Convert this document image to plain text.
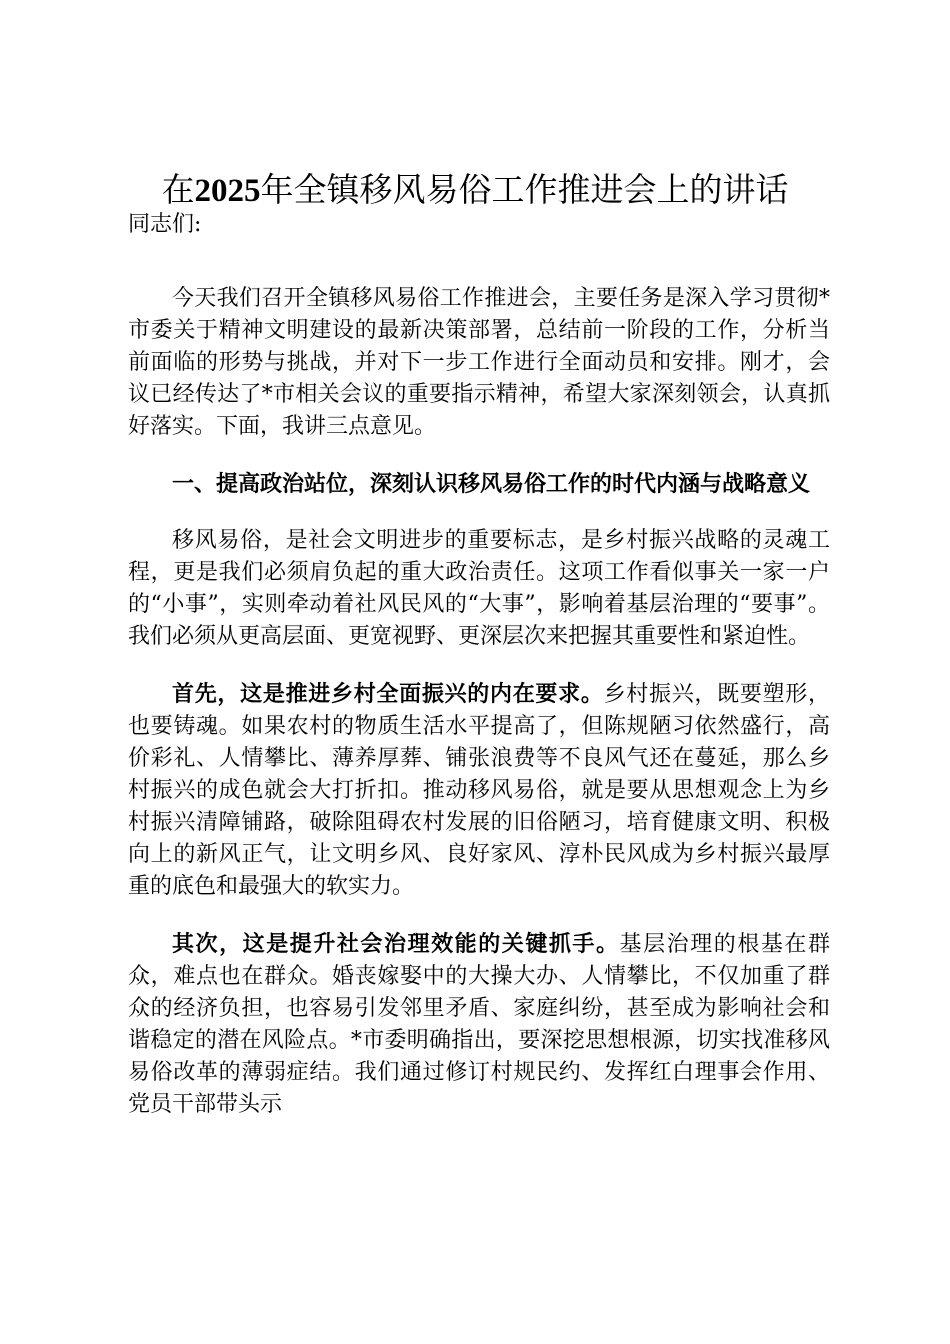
在2025年全镇移风易俗工作推进会上的讲话
同志们:

今天我们召开全镇移风易俗工作推进会，主要任务是深入学习贯彻*市委关于精神文明建设的最新决策部署，总结前一阶段的工作，分析当前面临的形势与挑战，并对下一步工作进行全面动员和安排。刚才，会议已经传达了*市相关会议的重要指示精神，希望大家深刻领会，认真抓好落实。下面，我讲三点意见。

一、提高政治站位，深刻认识移风易俗工作的时代内涵与战略意义

移风易俗，是社会文明进步的重要标志，是乡村振兴战略的灵魂工程，更是我们必须肩负起的重大政治责任。这项工作看似事关一家一户的“小事”，实则牵动着社风民风的“大事”，影响着基层治理的“要事”。我们必须从更高层面、更宽视野、更深层次来把握其重要性和紧迫性。

首先，这是推进乡村全面振兴的内在要求。乡村振兴，既要塑形，也要铸魂。如果农村的物质生活水平提高了，但陈规陋习依然盛行，高价彩礼、人情攀比、薄养厚葬、铺张浪费等不良风气还在蔓延，那么乡村振兴的成色就会大打折扣。推动移风易俗，就是要从思想观念上为乡村振兴清障铺路，破除阻碍农村发展的旧俗陋习，培育健康文明、积极向上的新风正气，让文明乡风、良好家风、淳朴民风成为乡村振兴最厚重的底色和最强大的软实力。

其次，这是提升社会治理效能的关键抓手。基层治理的根基在群众，难点也在群众。婚丧嫁娶中的大操大办、人情攀比，不仅加重了群众的经济负担，也容易引发邻里矛盾、家庭纠纷，甚至成为影响社会和谐稳定的潜在风险点。*市委明确指出，要深挖思想根源，切实找准移风易俗改革的薄弱症结。我们通过修订村规民约、发挥红白理事会作用、党员干部带头示
